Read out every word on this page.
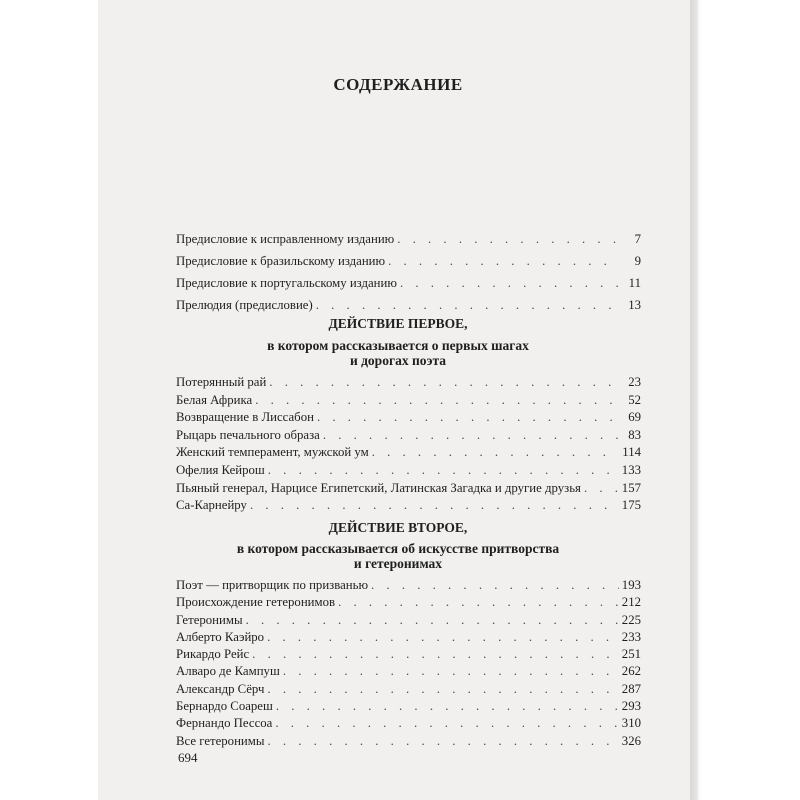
СОДЕРЖАНИЕ
Предисловие к исправленному изданию . . .	7
Предисловие к бразильскому изданию . . .	9
Предисловие к португальскому изданию . . .	11
Прелюдия (предисловие) . . .	13
ДЕЙСТВИЕ ПЕРВОЕ,
в котором рассказывается о первых шагах
и дорогах поэта
Потерянный рай . . .	23
Белая Африка . . .	52
Возвращение в Лиссабон . . .	69
Рыцарь печального образа . . .	83
Женский темперамент, мужской ум . . .	114
Офелия Кейрош . . .	133
Пьяный генерал, Нарцисе Египетский, Латинская Загадка и другие друзья . . .	157
Са-Карнейру . . .	175
ДЕЙСТВИЕ ВТОРОЕ,
в котором рассказывается об искусстве притворства
и гетеронимах
Поэт — притворщик по призванью . . .	193
Происхождение гетеронимов . . .	212
Гетеронимы . . .	225
Алберто Каэйро . . .	233
Рикардо Рейс . . .	251
Алваро де Кампуш . . .	262
Александр Сёрч . . .	287
Бернардо Соареш . . .	293
Фернандо Пессоа . . .	310
Все гетеронимы . . .	326
694
